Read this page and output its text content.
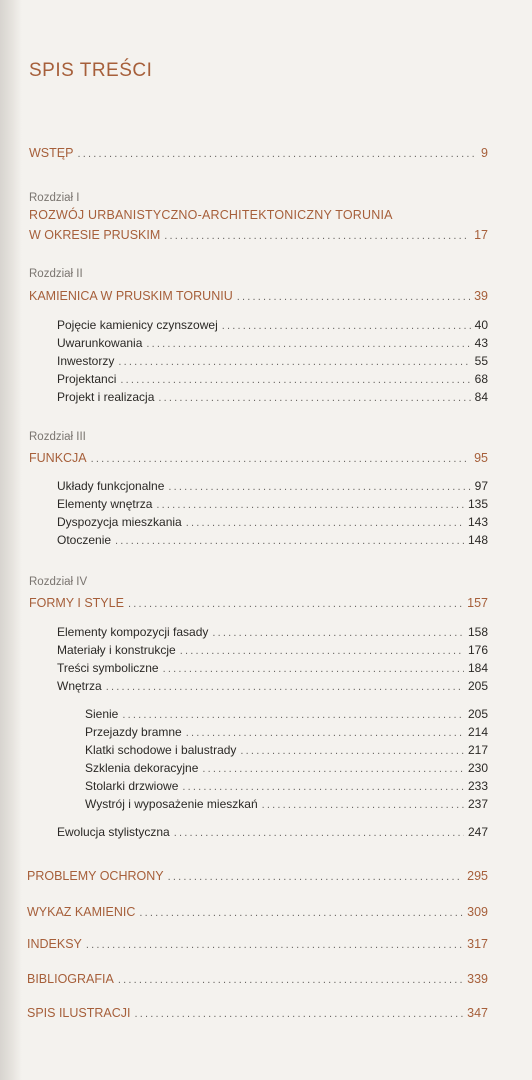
SPIS TREŚCI
WSTĘP .....	9
Rozdział I
ROZWÓJ URBANISTYCZNO-ARCHITEKTONICZNY TORUNIA
W OKRESIE PRUSKIM .....	17
Rozdział II
KAMIENICA W PRUSKIM TORUNIU .....	39
Pojęcie kamienicy czynszowej .....	40
Uwarunkowania .....	43
Inwestorzy .....	55
Projektanci .....	68
Projekt i realizacja .....	84
Rozdział III
FUNKCJA .....	95
Układy funkcjonalne .....	97
Elementy wnętrza .....	135
Dyspozycja mieszkania .....	143
Otoczenie .....	148
Rozdział IV
FORMY I STYLE .....	157
Elementy kompozycji fasady .....	158
Materiały i konstrukcje .....	176
Treści symboliczne .....	184
Wnętrza .....	205
Sienie .....	205
Przejazdy bramne .....	214
Klatki schodowe i balustrady .....	217
Szklenia dekoracyjne .....	230
Stolarki drzwiowe .....	233
Wystrój i wyposażenie mieszkań .....	237
Ewolucja stylistyczna .....	247
PROBLEMY OCHRONY .....	295
WYKAZ KAMIENIC .....	309
INDEKSY .....	317
BIBLIOGRAFIA .....	339
SPIS ILUSTRACJI .....	347
